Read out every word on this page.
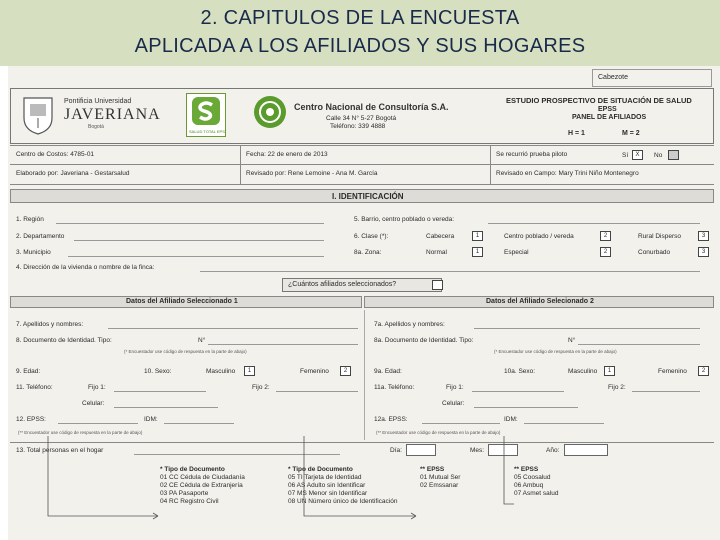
2. CAPITULOS DE LA ENCUESTA
APLICADA A LOS AFILIADOS Y SUS HOGARES
Cabezote
Pontificia Universidad
JAVERIANA
Bogotá
SALUD TOTAL EPS
Centro Nacional de Consultoría S.A.
Calle 34 N° 5-27 Bogotá
Teléfono: 339 4888
ESTUDIO PROSPECTIVO DE SITUACIÓN DE SALUD
EPSS
PANEL DE AFILIADOS
H = 1	M = 2
Centro de Costos: 4785-01	Fecha: 22 de enero de 2013	Se recurrió prueba piloto	Sí	X	No
Elaborado por: Javeriana - Gestarsalud	Revisado por: Rene Lemoine - Ana M. García	Revisado en Campo: Mary Trini Niño Montenegro
I. IDENTIFICACIÓN
1. Región
2. Departamento
3. Municipio
4. Dirección de la vivienda o nombre de la finca:
5. Barrio, centro poblado o vereda:
6. Clase (*):	Cabecera	1	Centro poblado / vereda	2	Rural Disperso	3
8a. Zona:	Normal	1	Especial	2	Conurbado	3
¿Cuántos afiliados seleccionados?
Datos del Afiliado Seleccionado 1	Datos del Afiliado Selecionado 2
7. Apellidos y nombres:
8. Documento de Identidad. Tipo:	N°
(* Encuestador use código de respuesta en la parte de abajo)
9. Edad:	10. Sexo:	Masculino	1	Femenino	2
11. Teléfono:	Fijo 1:	Fijo 2:
Celular:
12. EPSS:	IDM:
(** Encuestador use código de respuesta en la parte de abajo)
7a. Apellidos y nombres:
8a. Documento de Identidad. Tipo:	N°
(* Encuestador use código de respuesta en la parte de abajo)
9a. Edad:	10a. Sexo:	Masculino	1	Femenino	2
11a. Teléfono:	Fijo 1:	Fijo 2:
Celular:
12a. EPSS:	IDM:
(** Encuestador use código de respuesta en la parte de abajo)
13. Total personas en el hogar	Día:	Mes:	Año:
* Tipo de Documento
01 CC Cédula de Ciudadanía
02 CE Cédula de Extranjería
03 PA Pasaporte
04 RC Registro Civil
* Tipo de Documento
05 TI Tarjeta de Identidad
06 AS Adulto sin Identificar
07 MS Menor sin Identificar
08 UN Número único de Identificación
** EPSS
01 Mutual Ser
02 Emssanar
** EPSS
05 Coosalud
06 Ambuq
07 Asmet salud
